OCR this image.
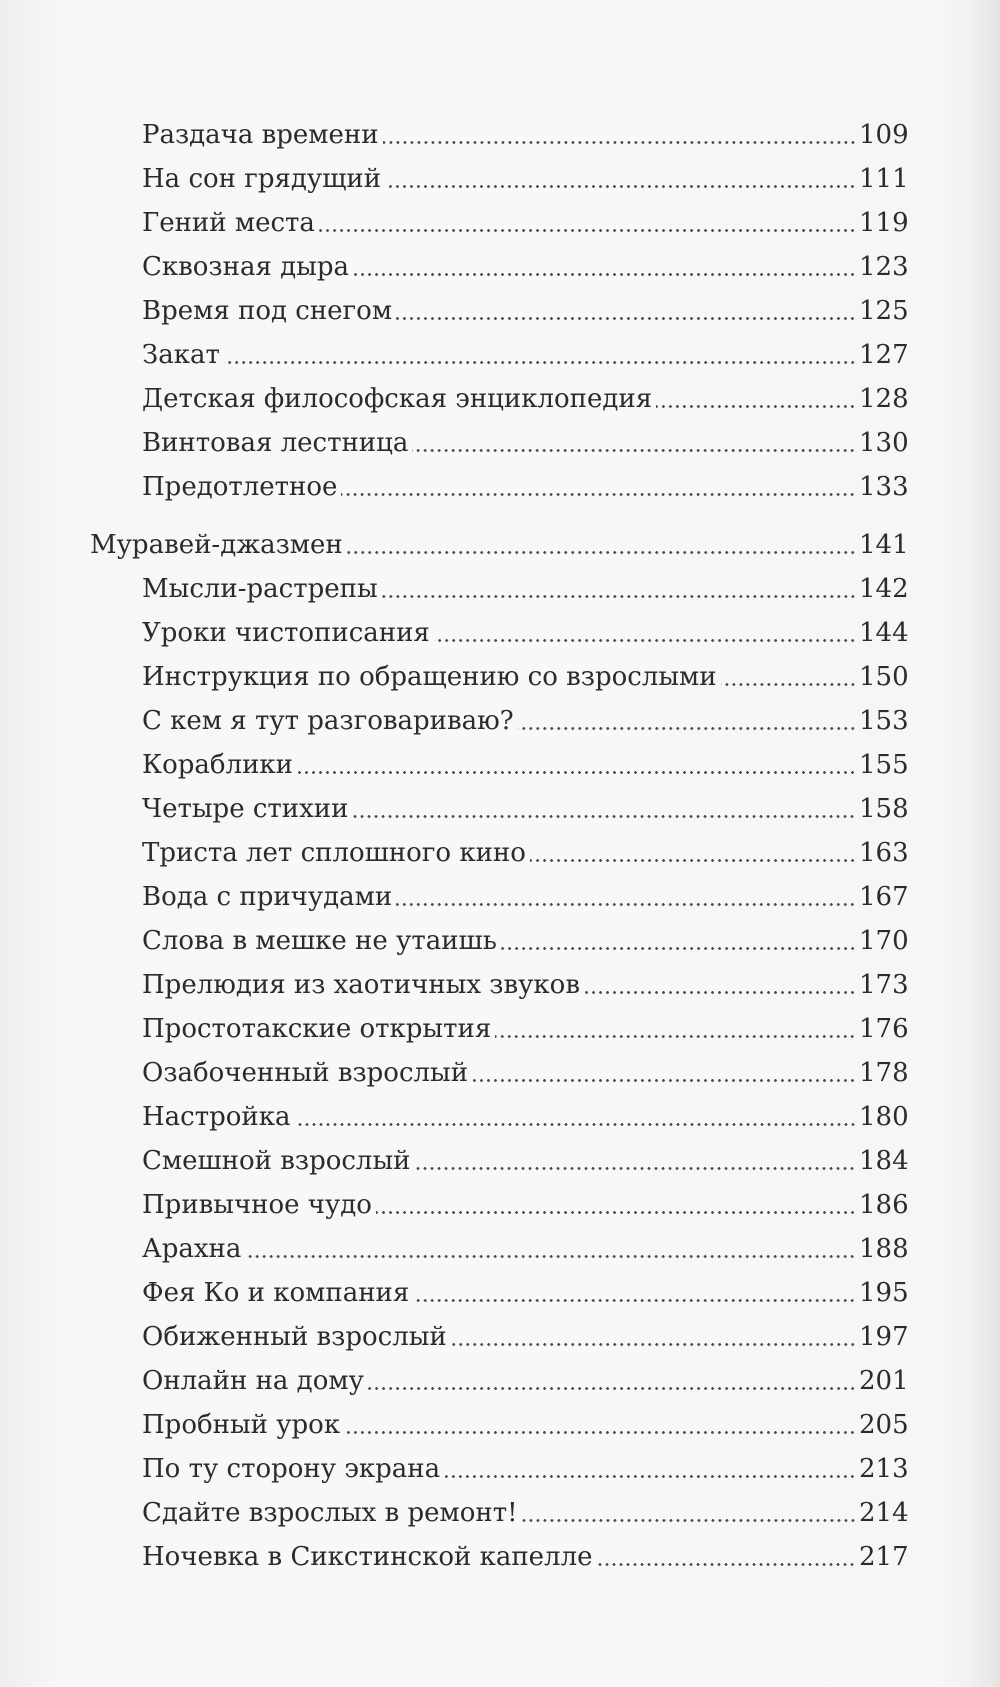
Раздача времени	109
На сон грядущий	111
Гений места	119
Сквозная дыра	123
Время под снегом	125
Закат	127
Детская философская энциклопедия	128
Винтовая лестница	130
Предотлетное	133
Муравей-джазмен	141
Мысли-растрепы	142
Уроки чистописания	144
Инструкция по обращению со взрослыми	150
С кем я тут разговариваю?	153
Кораблики	155
Четыре стихии	158
Триста лет сплошного кино	163
Вода с причудами	167
Слова в мешке не утаишь	170
Прелюдия из хаотичных звуков	173
Простотакские открытия	176
Озабоченный взрослый	178
Настройка	180
Смешной взрослый	184
Привычное чудо	186
Арахна	188
Фея Ко и компания	195
Обиженный взрослый	197
Онлайн на дому	201
Пробный урок	205
По ту сторону экрана	213
Сдайте взрослых в ремонт!	214
Ночевка в Сикстинской капелле	217
